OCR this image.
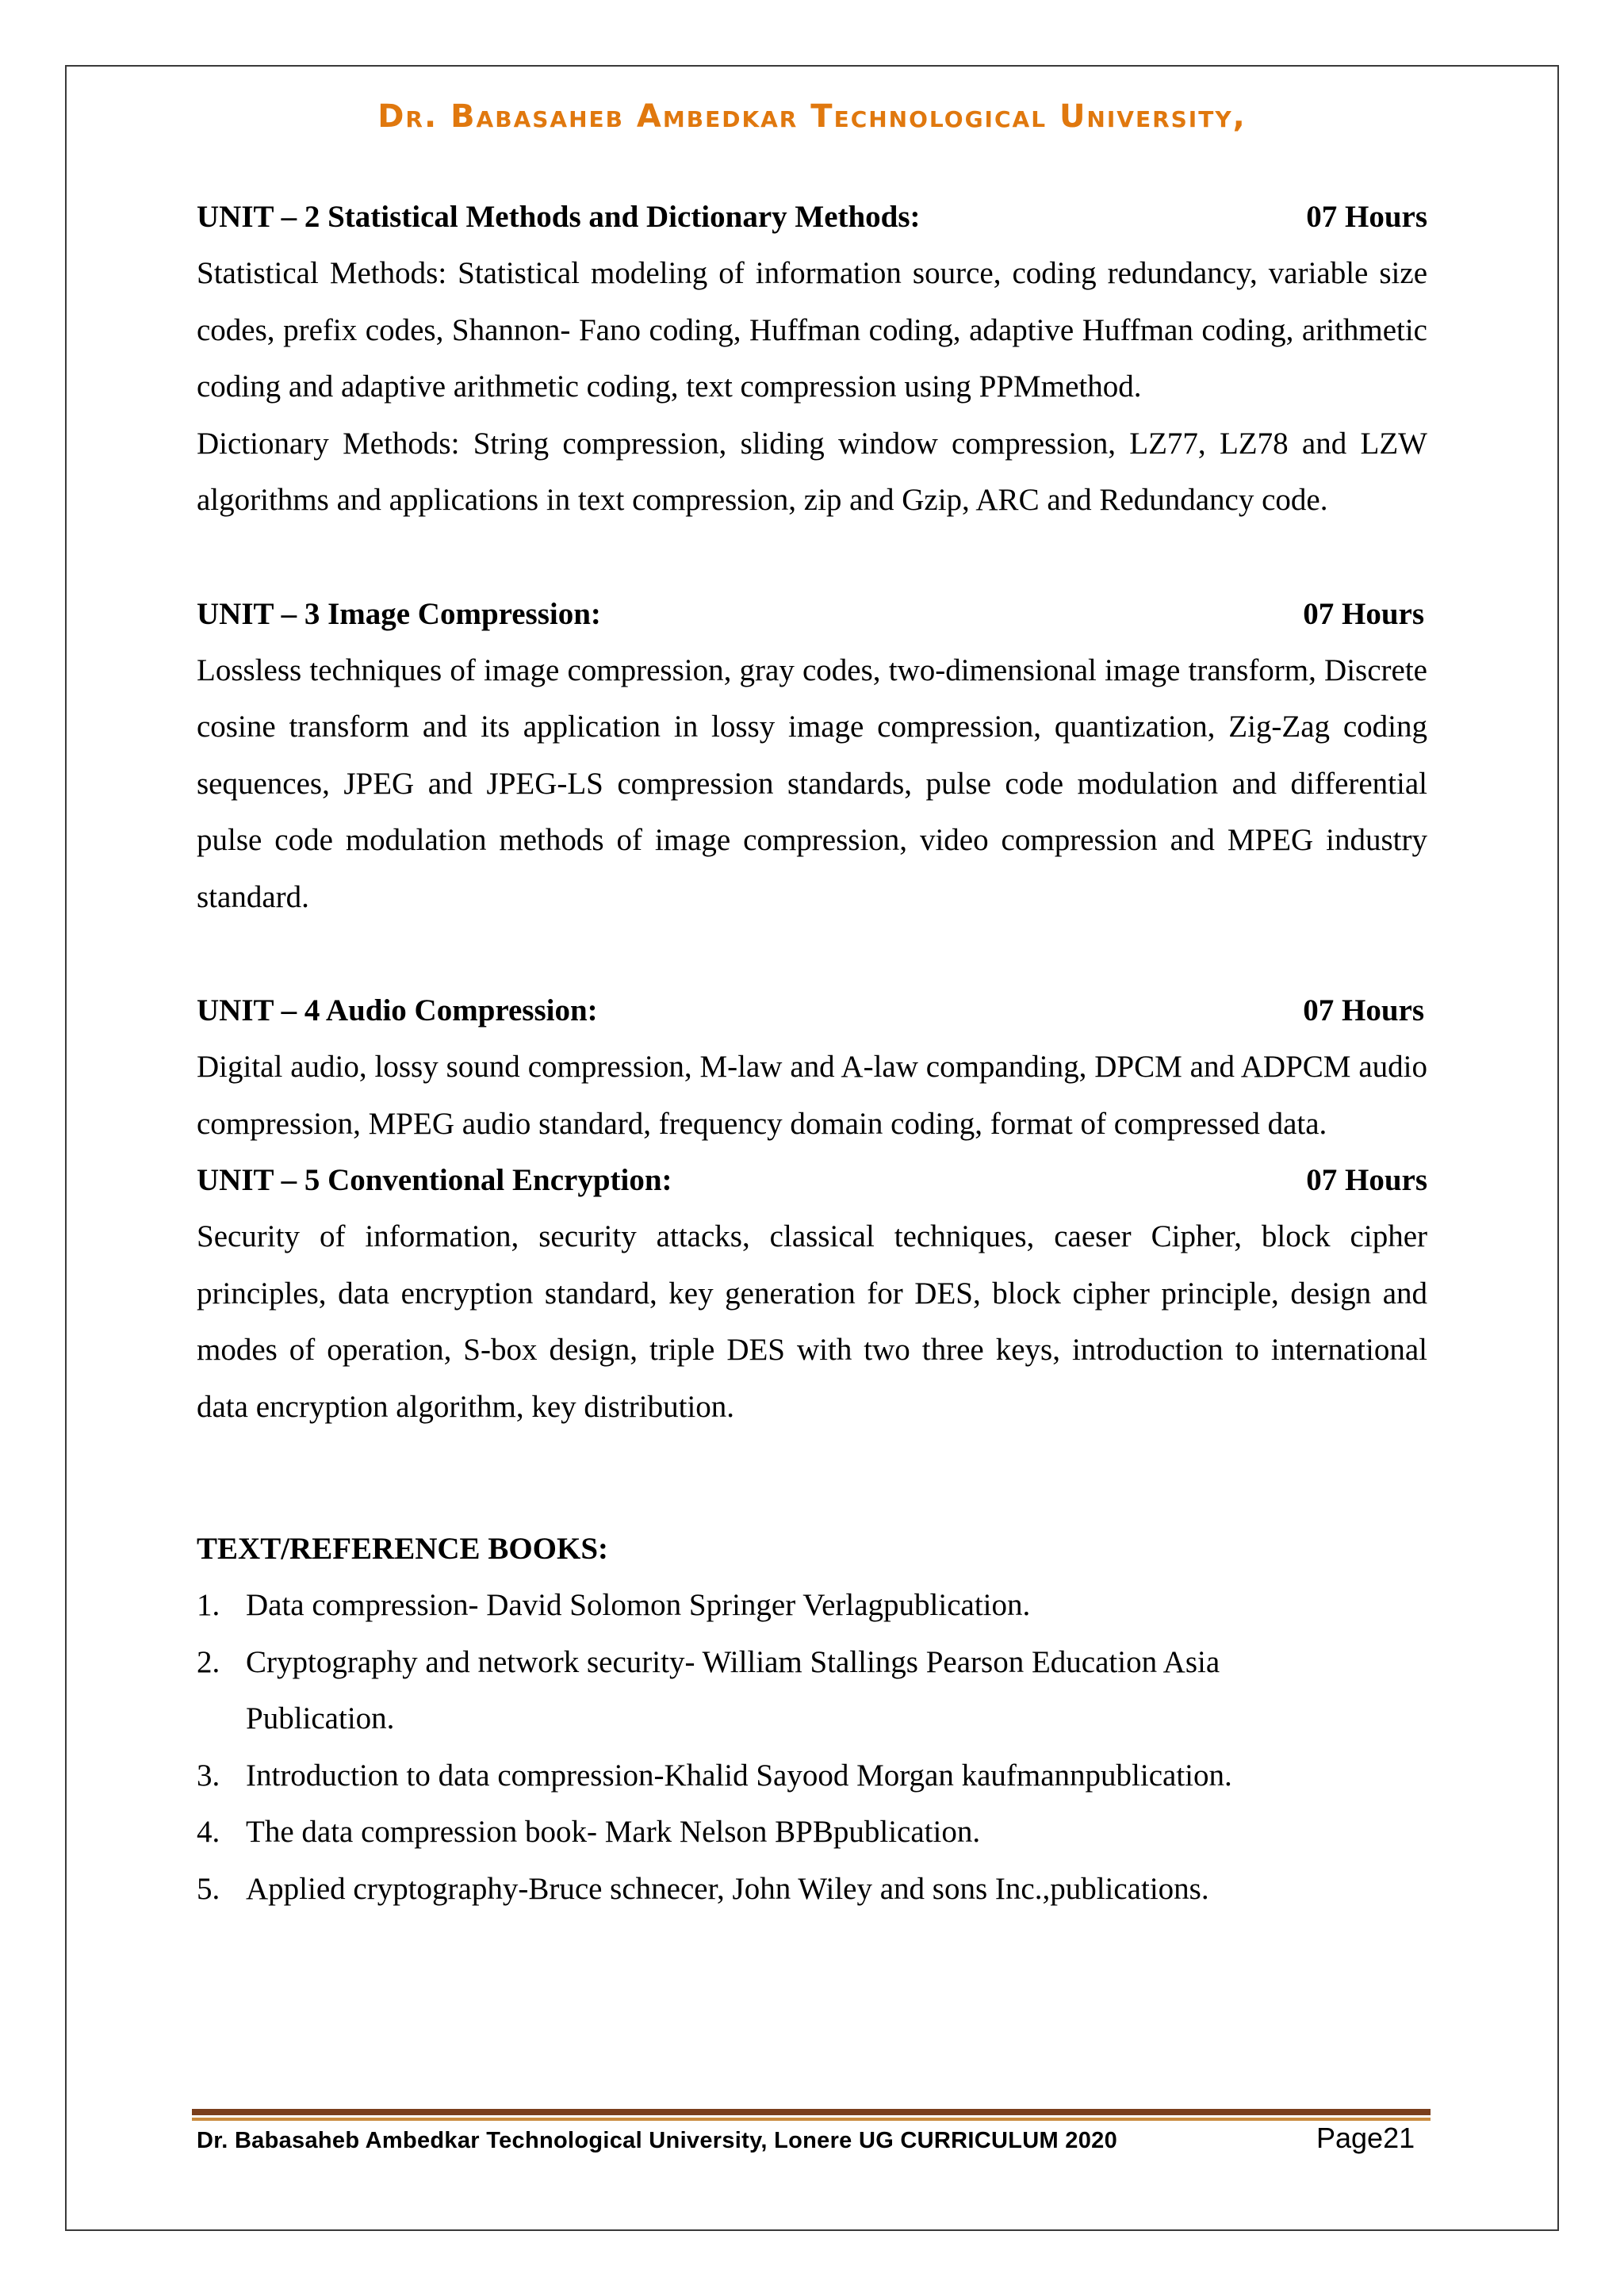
Dr. Babasaheb Ambedkar Technological University,
UNIT – 2 Statistical Methods and Dictionary Methods:	07 Hours

Statistical Methods: Statistical modeling of information source, coding redundancy, variable size codes, prefix codes, Shannon- Fano coding, Huffman coding, adaptive Huffman coding, arithmetic coding and adaptive arithmetic coding, text compression using PPMmethod.

Dictionary Methods: String compression, sliding window compression, LZ77, LZ78 and LZW algorithms and applications in text compression, zip and Gzip, ARC and Redundancy code.

UNIT – 3 Image Compression:	07 Hours

Lossless techniques of image compression, gray codes, two-dimensional image transform, Discrete cosine transform and its application in lossy image compression, quantization, Zig-Zag coding sequences, JPEG and JPEG-LS compression standards, pulse code modulation and differential pulse code modulation methods of image compression, video compression and MPEG industry standard.

UNIT – 4 Audio Compression:	07 Hours

Digital audio, lossy sound compression, M-law and A-law companding, DPCM and ADPCM audio compression, MPEG audio standard, frequency domain coding, format of compressed data.

UNIT – 5 Conventional Encryption:	07 Hours

Security of information, security attacks, classical techniques, caeser Cipher, block cipher principles, data encryption standard, key generation for DES, block cipher principle, design and modes of operation, S-box design, triple DES with two three keys, introduction to international data encryption algorithm, key distribution.

TEXT/REFERENCE BOOKS:
1. Data compression- David Solomon Springer Verlagpublication.
2. Cryptography and network security- William Stallings Pearson Education Asia Publication.
3. Introduction to data compression-Khalid Sayood Morgan kaufmannpublication.
4. The data compression book- Mark Nelson BPBpublication.
5. Applied cryptography-Bruce schnecer, John Wiley and sons Inc.,publications.
Dr. Babasaheb Ambedkar Technological University, Lonere UG CURRICULUM 2020	Page21
